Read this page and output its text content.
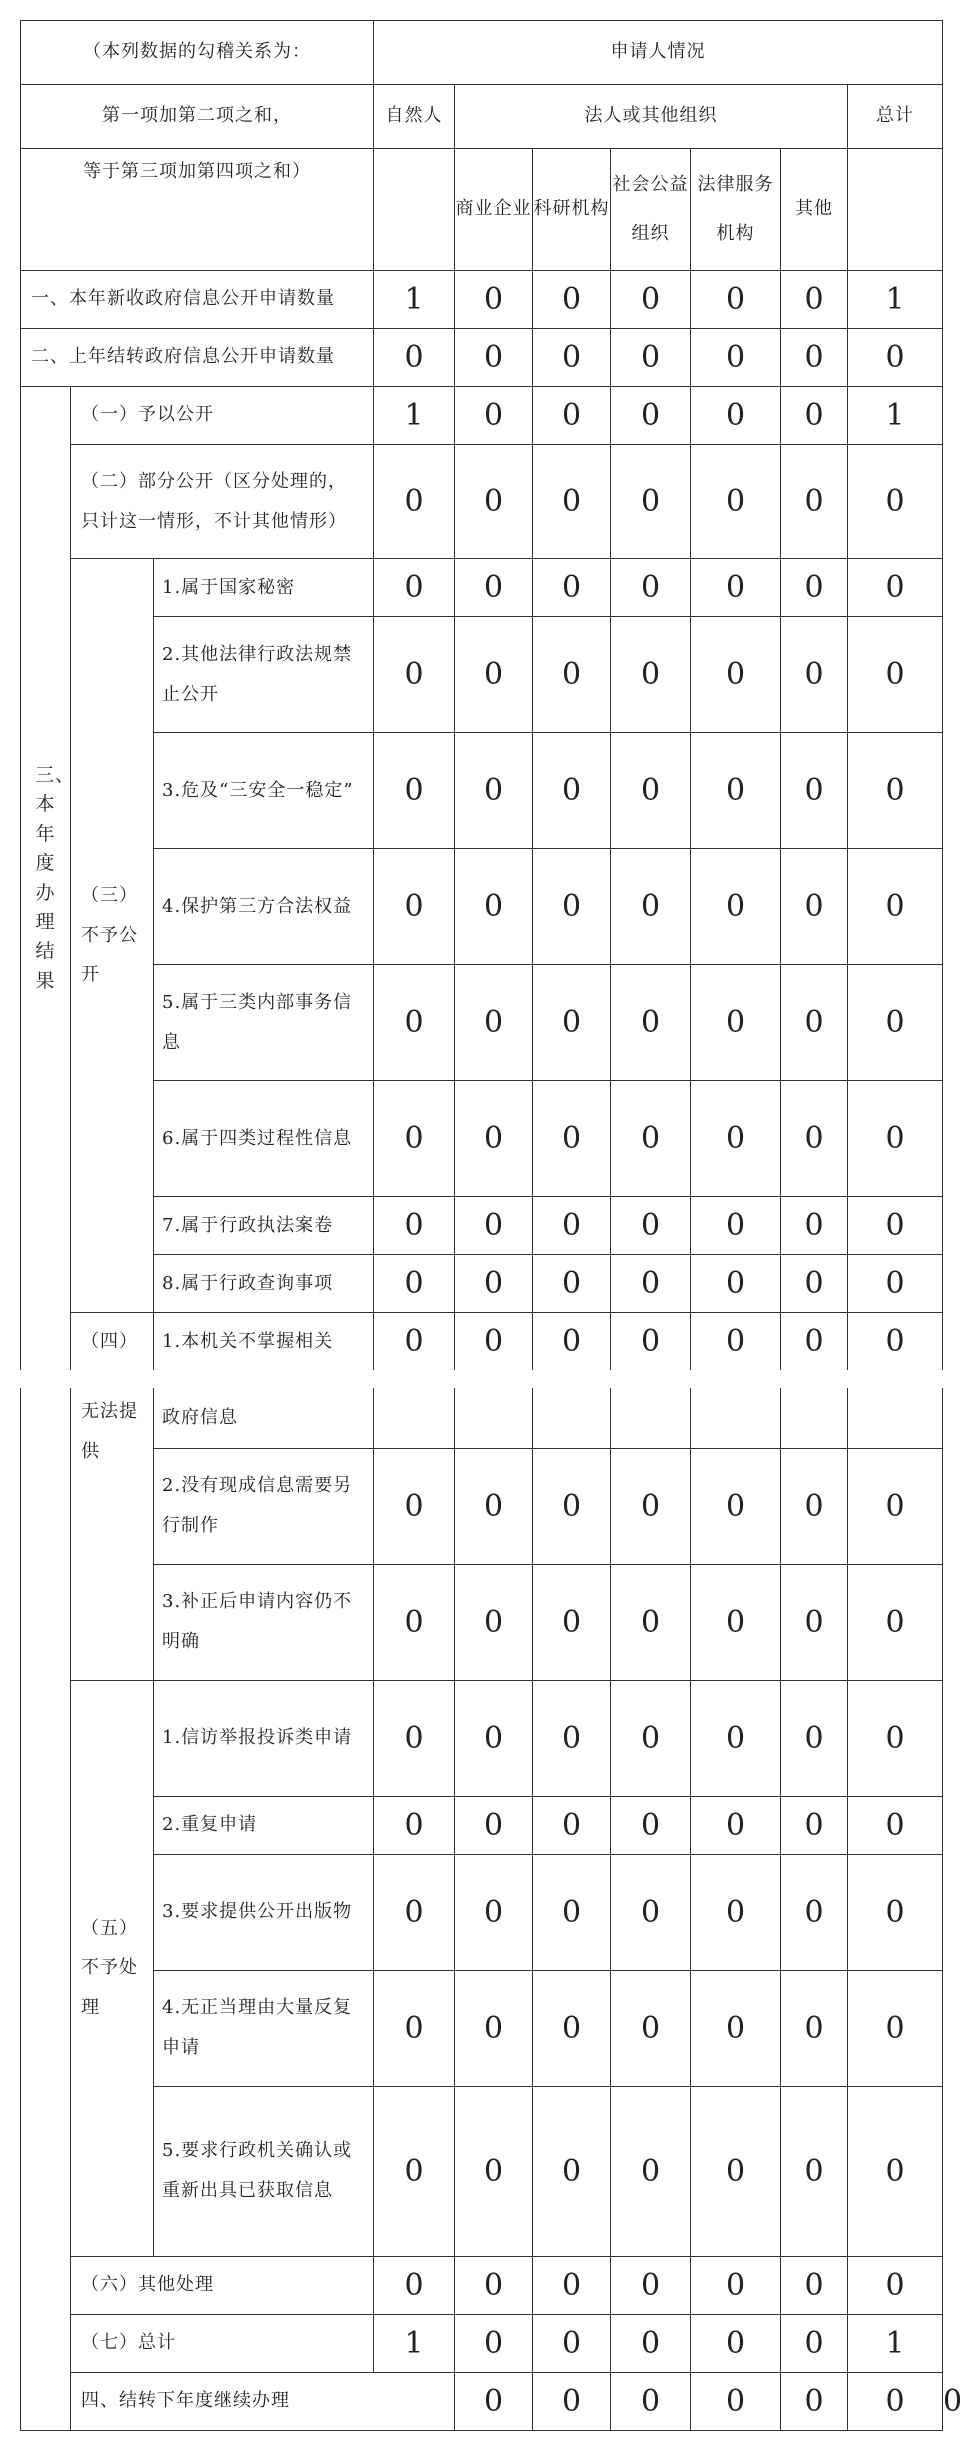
（本列数据的勾稽关系为：	申请人情况		
第一项加第二项之和，	自然人	法人或其他组织	总计
等于第三项加第四项之和）				商业企业	科研机构	社会公益组织	法律服务机构	其他	
一、本年新收政府信息公开申请数量			1	0	0	0	0	0	1
二、上年结转政府信息公开申请数量			0	0	0	0	0	0	0
三、本年度办理结果	（一）予以公开		1	0	0	0	0	0	1
	（二）部分公开（区分处理的，只计这一情形，不计其他情形）		0	0	0	0	0	0	0
	（三）不予公开	1.属于国家秘密	0	0	0	0	0	0	0
		2.其他法律行政法规禁止公开	0	0	0	0	0	0	0
		3.危及“三安全一稳定”	0	0	0	0	0	0	0
		4.保护第三方合法权益	0	0	0	0	0	0	0
		5.属于三类内部事务信息	0	0	0	0	0	0	0
		6.属于四类过程性信息	0	0	0	0	0	0	0
		7.属于行政执法案卷	0	0	0	0	0	0	0
		8.属于行政查询事项	0	0	0	0	0	0	0
	（四）	1.本机关不掌握相关	0	0	0	0	0	0	0
	无法提供	政府信息								
		2.没有现成信息需要另行制作	0	0	0	0	0	0	0	
		3.补正后申请内容仍不明确	0	0	0	0	0	0	0	
	（五）不予处理	1.信访举报投诉类申请	0	0	0	0	0	0	0	
		2.重复申请	0	0	0	0	0	0	0	
		3.要求提供公开出版物	0	0	0	0	0	0	0	
		4.无正当理由大量反复申请	0	0	0	0	0	0	0	
		5.要求行政机关确认或重新出具已获取信息	0	0	0	0	0	0	0	
	（六）其他处理		0	0	0	0	0	0	0	
	（七）总计		1	0	0	0	0	0	1	
	四、结转下年度继续办理			0	0	0	0	0	0	0
